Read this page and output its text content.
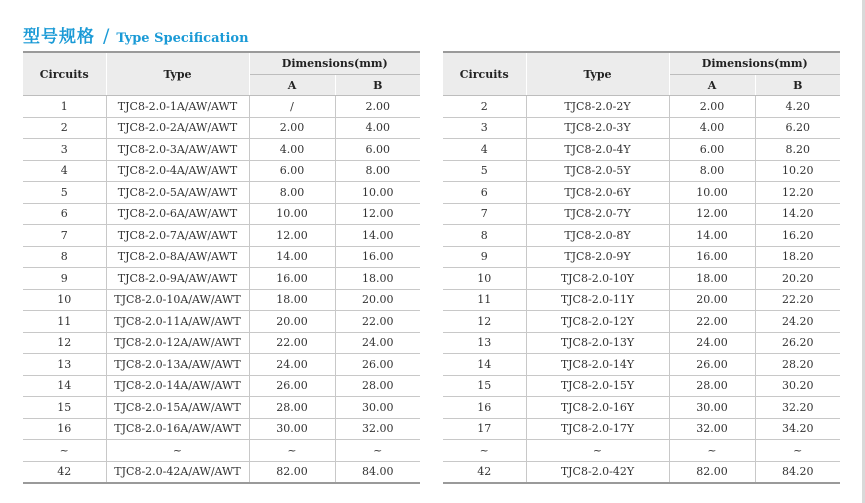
型号规格 / Type Specification
Circuits	Type	Dimensions(mm)	
		A	B
1	TJC8-2.0-1A/AW/AWT	/	2.00
2	TJC8-2.0-2A/AW/AWT	2.00	4.00
3	TJC8-2.0-3A/AW/AWT	4.00	6.00
4	TJC8-2.0-4A/AW/AWT	6.00	8.00
5	TJC8-2.0-5A/AW/AWT	8.00	10.00
6	TJC8-2.0-6A/AW/AWT	10.00	12.00
7	TJC8-2.0-7A/AW/AWT	12.00	14.00
8	TJC8-2.0-8A/AW/AWT	14.00	16.00
9	TJC8-2.0-9A/AW/AWT	16.00	18.00
10	TJC8-2.0-10A/AW/AWT	18.00	20.00
11	TJC8-2.0-11A/AW/AWT	20.00	22.00
12	TJC8-2.0-12A/AW/AWT	22.00	24.00
13	TJC8-2.0-13A/AW/AWT	24.00	26.00
14	TJC8-2.0-14A/AW/AWT	26.00	28.00
15	TJC8-2.0-15A/AW/AWT	28.00	30.00
16	TJC8-2.0-16A/AW/AWT	30.00	32.00
~	~	~	~
42	TJC8-2.0-42A/AW/AWT	82.00	84.00
Circuits	Type	Dimensions(mm)	
		A	B
2	TJC8-2.0-2Y	2.00	4.20
3	TJC8-2.0-3Y	4.00	6.20
4	TJC8-2.0-4Y	6.00	8.20
5	TJC8-2.0-5Y	8.00	10.20
6	TJC8-2.0-6Y	10.00	12.20
7	TJC8-2.0-7Y	12.00	14.20
8	TJC8-2.0-8Y	14.00	16.20
9	TJC8-2.0-9Y	16.00	18.20
10	TJC8-2.0-10Y	18.00	20.20
11	TJC8-2.0-11Y	20.00	22.20
12	TJC8-2.0-12Y	22.00	24.20
13	TJC8-2.0-13Y	24.00	26.20
14	TJC8-2.0-14Y	26.00	28.20
15	TJC8-2.0-15Y	28.00	30.20
16	TJC8-2.0-16Y	30.00	32.20
17	TJC8-2.0-17Y	32.00	34.20
~	~	~	~
42	TJC8-2.0-42Y	82.00	84.20
